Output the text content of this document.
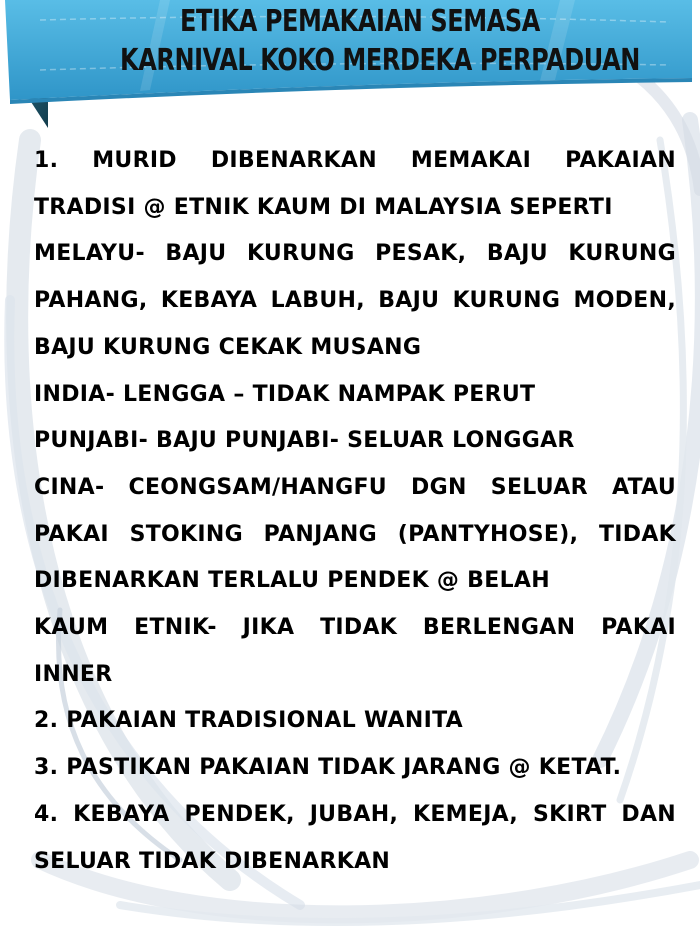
ETIKA PEMAKAIAN SEMASA
KARNIVAL KOKO MERDEKA PERPADUAN

1. MURID DIBENARKAN MEMAKAI PAKAIAN

TRADISI @ ETNIK KAUM DI MALAYSIA SEPERTI

MELAYU- BAJU KURUNG PESAK, BAJU KURUNG

PAHANG, KEBAYA LABUH, BAJU KURUNG MODEN,

BAJU KURUNG CEKAK MUSANG

INDIA- LENGGA – TIDAK NAMPAK PERUT

PUNJABI- BAJU PUNJABI- SELUAR LONGGAR

CINA- CEONGSAM/HANGFU DGN SELUAR ATAU

PAKAI STOKING PANJANG (PANTYHOSE), TIDAK

DIBENARKAN TERLALU PENDEK @ BELAH

KAUM ETNIK- JIKA TIDAK BERLENGAN PAKAI

INNER

2. PAKAIAN TRADISIONAL WANITA

3. PASTIKAN PAKAIAN TIDAK JARANG @ KETAT.

4. KEBAYA PENDEK, JUBAH, KEMEJA, SKIRT DAN

SELUAR TIDAK DIBENARKAN
